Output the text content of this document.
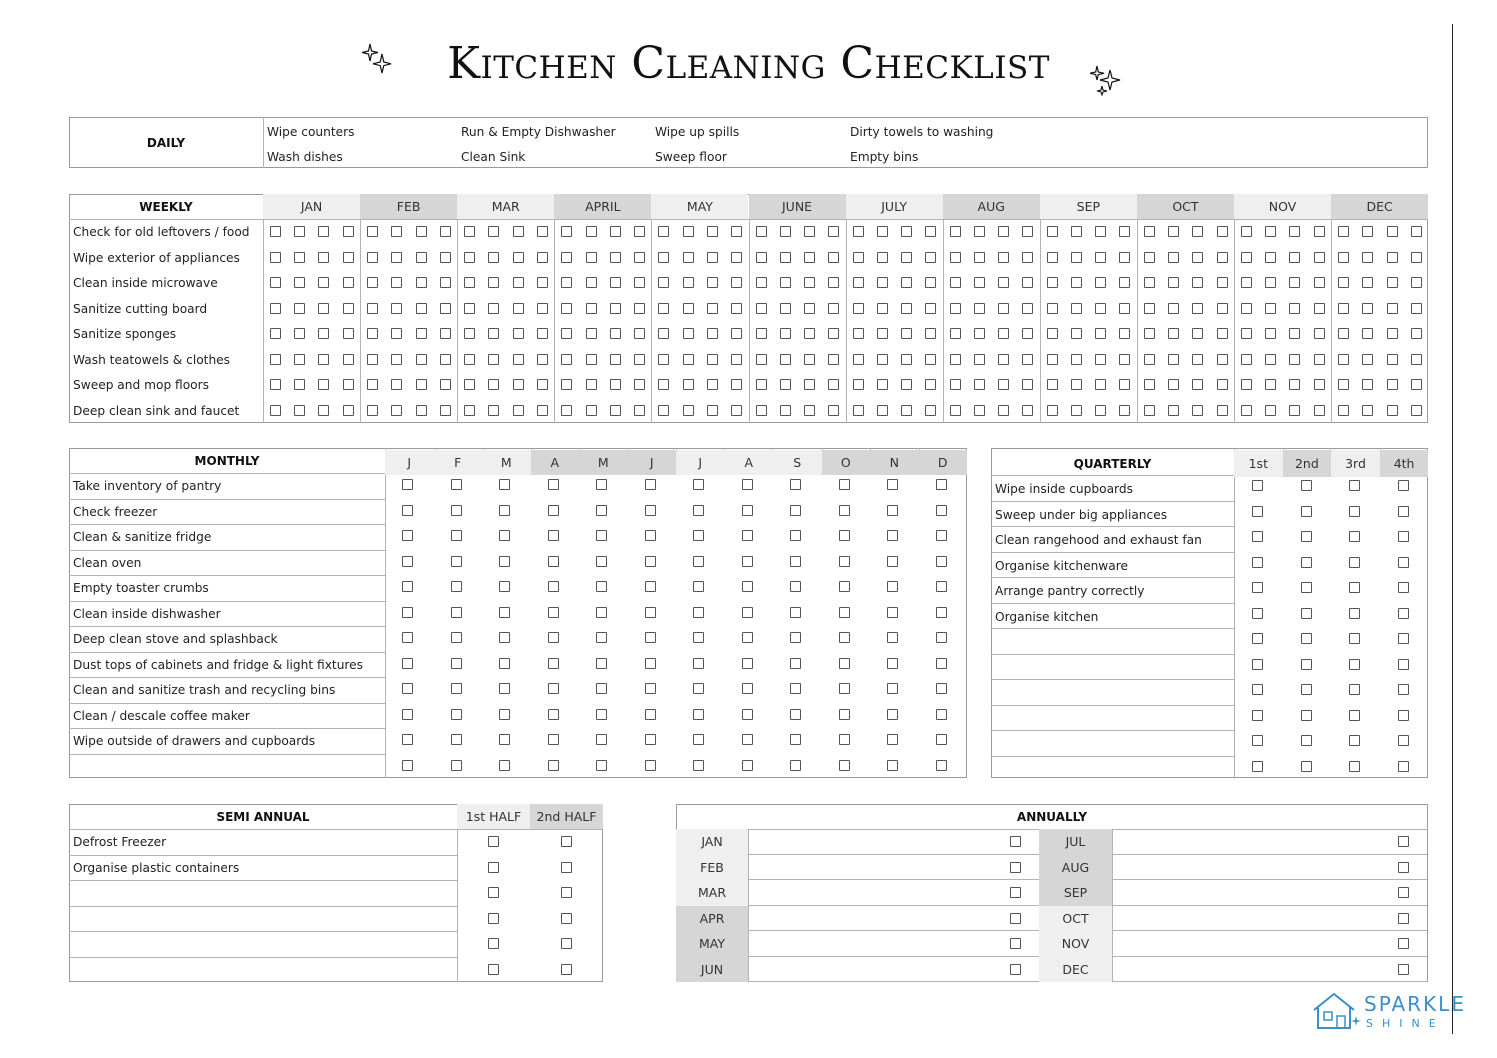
Kitchen Cleaning Checklist
DAILY
Wipe counters	Run & Empty Dishwasher	Wipe up spills	Dirty towels to washing
Wash dishes	Clean Sink	Sweep floor	Empty bins
WEEKLY	JAN	FEB	MAR	APRIL	MAY	JUNE	JULY	AUG	SEP	OCT	NOV	DEC
Check for old leftovers / food
Wipe exterior of appliances
Clean inside microwave
Sanitize cutting board
Sanitize sponges
Wash teatowels & clothes
Sweep and mop floors
Deep clean sink and faucet
MONTHLY	J	F	M	A	M	J	J	A	S	O	N	D
Take inventory of pantry
Check freezer
Clean & sanitize fridge
Clean oven
Empty toaster crumbs
Clean inside dishwasher
Deep clean stove and splashback
Dust tops of cabinets and fridge & light fixtures
Clean and sanitize trash and recycling bins
Clean / descale coffee maker
Wipe outside of drawers and cupboards
QUARTERLY	1st	2nd	3rd	4th
Wipe inside cupboards
Sweep under big appliances
Clean rangehood and exhaust fan
Organise kitchenware
Arrange pantry correctly
Organise kitchen
SEMI ANNUAL	1st HALF	2nd HALF
Defrost Freezer
Organise plastic containers
ANNUALLY
JAN	JUL
FEB	AUG
MAR	SEP
APR	OCT
MAY	NOV
JUN	DEC
SPARKLE
SHINE
